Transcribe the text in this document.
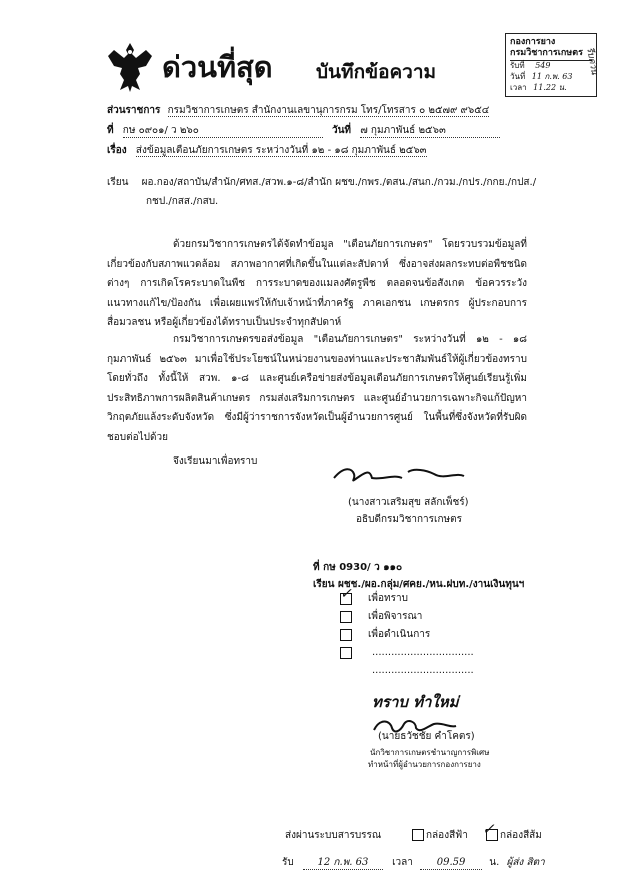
ด่วนที่สุด บันทึกข้อความ
กองการยาง
กรมวิชาการเกษตร
รับที่ 549
วันที่ 11 ก.พ. 63
เวลา 11.22 น.
รีบด่วน
ส่วนราชการ กรมวิชาการเกษตร สำนักงานเลขานุการกรม โทร/โทรสาร ๐ ๒๕๗๙ ๙๖๕๔
ที่ กษ ๐๙๐๑/ ว ๒๖๐	วันที่ ๗ กุมภาพันธ์ ๒๕๖๓
เรื่อง ส่งข้อมูลเตือนภัยการเกษตร ระหว่างวันที่ ๑๒ - ๑๘ กุมภาพันธ์ ๒๕๖๓
เรียน ผอ.กอง/สถาบัน/สำนัก/ศทส./สวพ.๑-๘/สำนัก ผชข./กพร./ตสน./สนก./กวม./กปร./กกย./กปส./
กชป./กสส./กสบ.

ด้วยกรมวิชาการเกษตรได้จัดทำข้อมูล "เตือนภัยการเกษตร" โดยรวบรวมข้อมูลที่เกี่ยวข้องกับสภาพแวดล้อม สภาพอากาศที่เกิดขึ้นในแต่ละสัปดาห์ ซึ่งอาจส่งผลกระทบต่อพืชชนิดต่างๆ การเกิดโรคระบาดในพืช การระบาดของแมลงศัตรูพืช ตลอดจนข้อสังเกต ข้อควรระวัง แนวทางแก้ไข/ป้องกัน เพื่อเผยแพร่ให้กับเจ้าหน้าที่ภาครัฐ ภาคเอกชน เกษตรกร ผู้ประกอบการ สื่อมวลชน หรือผู้เกี่ยวข้องได้ทราบเป็นประจำทุกสัปดาห์

กรมวิชาการเกษตรขอส่งข้อมูล "เตือนภัยการเกษตร" ระหว่างวันที่ ๑๒ - ๑๘ กุมภาพันธ์ ๒๕๖๓ มาเพื่อใช้ประโยชน์ในหน่วยงานของท่านและประชาสัมพันธ์ให้ผู้เกี่ยวข้องทราบโดยทั่วถึง ทั้งนี้ให้ สวพ. ๑-๘ และศูนย์เครือข่ายส่งข้อมูลเตือนภัยการเกษตรให้ศูนย์เรียนรู้เพิ่มประสิทธิภาพการผลิตสินค้าเกษตร กรมส่งเสริมการเกษตร และศูนย์อำนวยการเฉพาะกิจแก้ปัญหาวิกฤตภัยแล้งระดับจังหวัด ซึ่งมีผู้ว่าราชการจังหวัดเป็นผู้อำนวยการศูนย์ ในพื้นที่ซึ่งจังหวัดที่รับผิดชอบต่อไปด้วย

จึงเรียนมาเพื่อทราบ
(นางสาวเสริมสุข สลักเพ็ชร์)
อธิบดีกรมวิชาการเกษตร
ที่ กษ 0930/ ว ๑๑๐
เรียน ผชช./ผอ.กลุ่ม/ศคย./หน.ฝบท./งานเงินทุนฯ
✓ เพื่อทราบ
เพื่อพิจารณา
เพื่อดำเนินการ
................................
................................
ทราบ ทำใหม่
(นายธวัชชัย คำโคตร)
นักวิชาการเกษตรชำนาญการพิเศษ
ทำหน้าที่ผู้อำนวยการกองการยาง
ส่งผ่านระบบสารบรรณ	กล่องสีฟ้า ✓ กล่องสีส้ม
รับ 12 ก.พ. 63 เวลา 09.59 น. ผู้ส่ง สิตา
